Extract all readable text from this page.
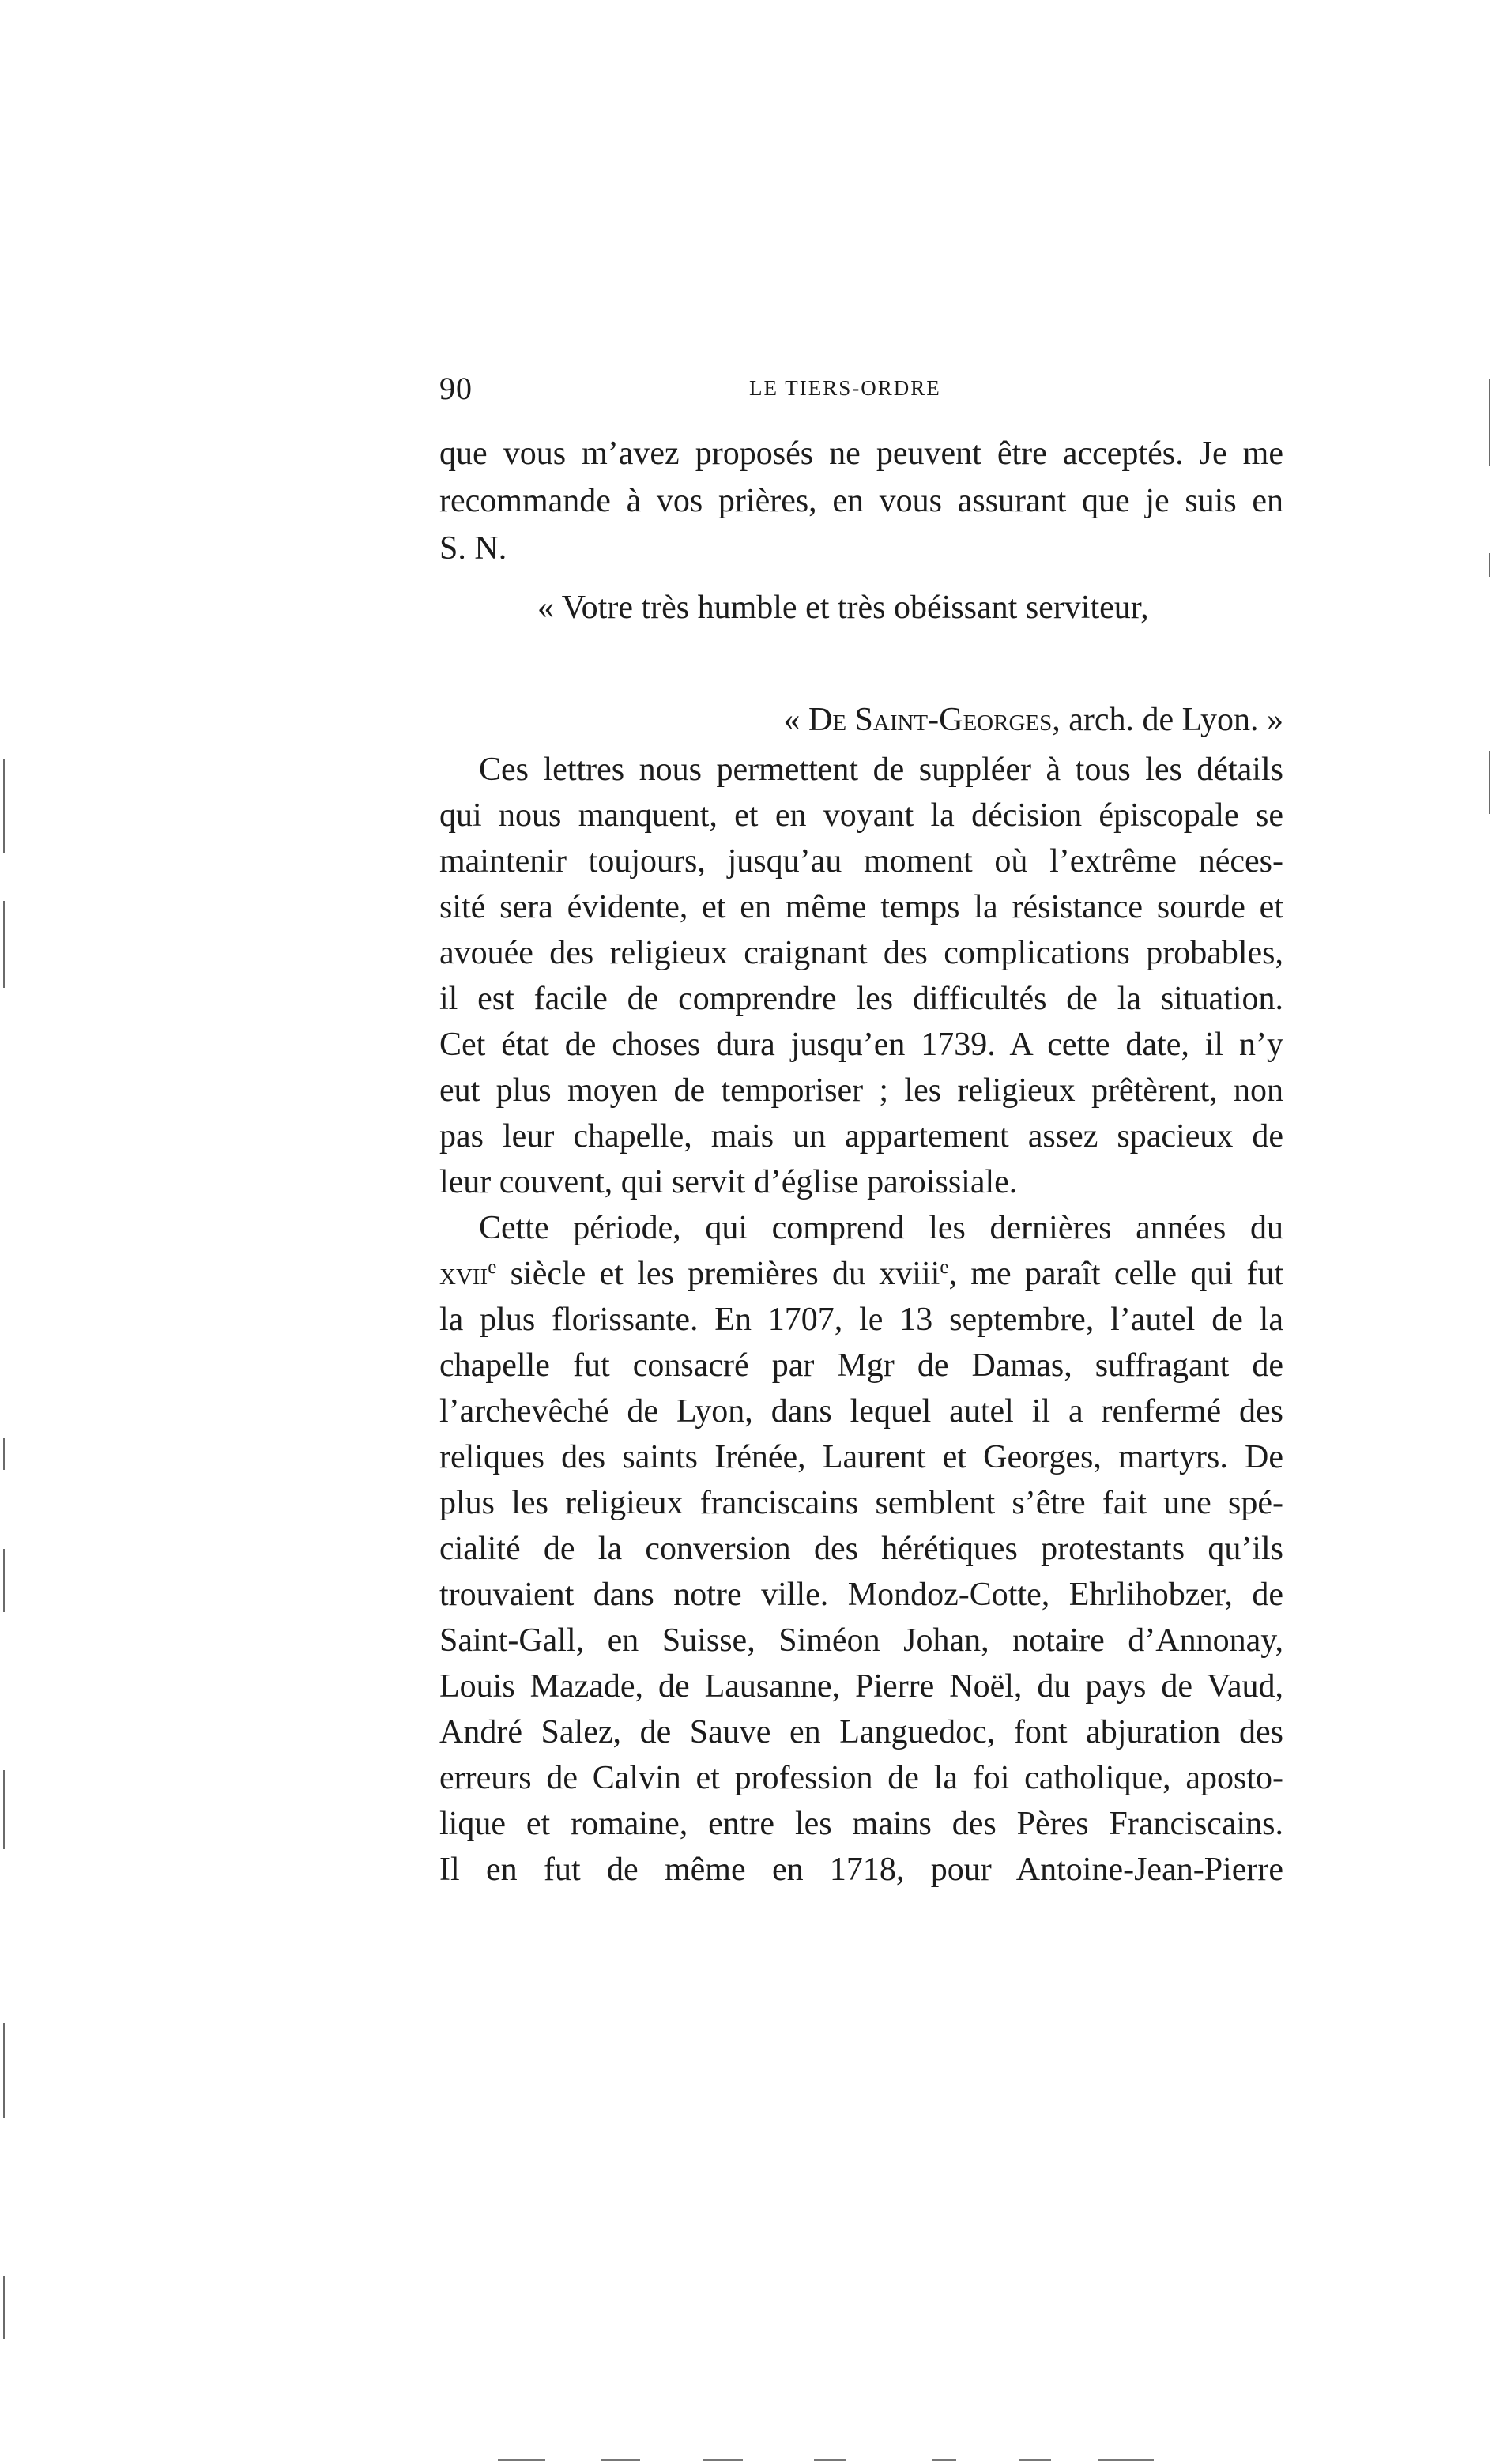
90	LE TIERS-ORDRE
que vous m’avez proposés ne peuvent être acceptés. Je me
recommande à vos prières, en vous assurant que je suis en
S. N.
« Votre très humble et très obéissant serviteur,
« De Saint-Georges, arch. de Lyon. »
Ces lettres nous permettent de suppléer à tous les détails
qui nous manquent, et en voyant la décision épiscopale se
maintenir toujours, jusqu’au moment où l’extrême néces-
sité sera évidente, et en même temps la résistance sourde et
avouée des religieux craignant des complications probables,
il est facile de comprendre les difficultés de la situation.
Cet état de choses dura jusqu’en 1739. A cette date, il n’y
eut plus moyen de temporiser ; les religieux prêtèrent, non
pas leur chapelle, mais un appartement assez spacieux de
leur couvent, qui servit d’église paroissiale.
Cette période, qui comprend les dernières années du
xvii$^e$ siècle et les premières du xviii$^e$, me paraît celle qui fut
la plus florissante. En 1707, le 13 septembre, l’autel de la
chapelle fut consacré par Mgr de Damas, suffragant de
l’archevêché de Lyon, dans lequel autel il a renfermé des
reliques des saints Irénée, Laurent et Georges, martyrs. De
plus les religieux franciscains semblent s’être fait une spé-
cialité de la conversion des hérétiques protestants qu’ils
trouvaient dans notre ville. Mondoz-Cotte, Ehrlihobzer, de
Saint-Gall, en Suisse, Siméon Johan, notaire d’Annonay,
Louis Mazade, de Lausanne, Pierre Noël, du pays de Vaud,
André Salez, de Sauve en Languedoc, font abjuration des
erreurs de Calvin et profession de la foi catholique, aposto-
lique et romaine, entre les mains des Pères Franciscains.
Il en fut de même en 1718, pour Antoine-Jean-Pierre
